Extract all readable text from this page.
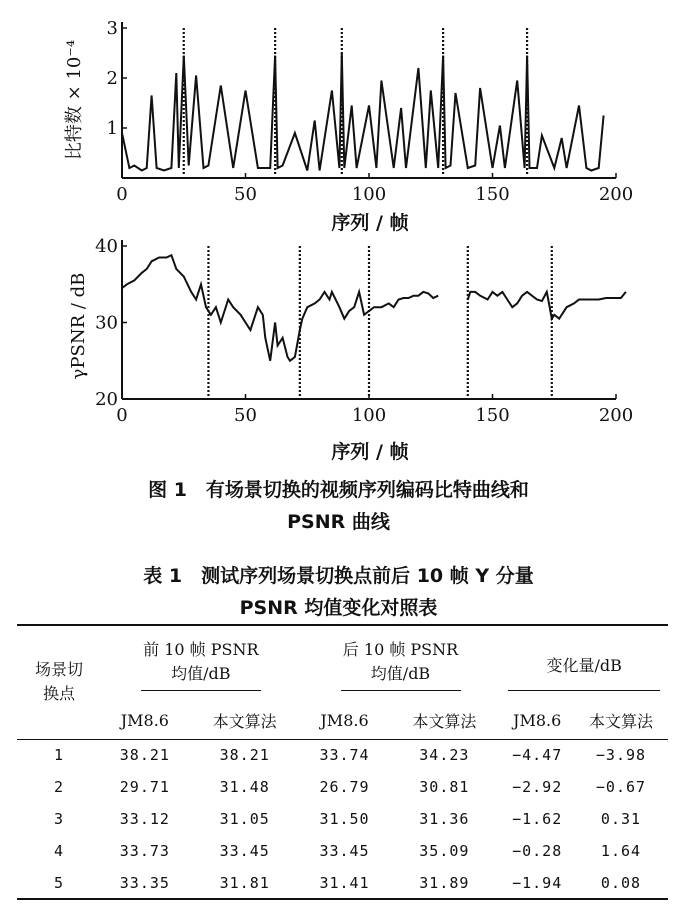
比特数 × 10⁻⁴
0	50	100	150	200
1
2
3
序列 / 帧
γPSNR / dB
0	50	100	150	200
20
30
40
序列 / 帧
图 1　有场景切换的视频序列编码比特曲线和
PSNR 曲线
表 1　测试序列场景切换点前后 10 帧 Y 分量
PSNR 均值变化对照表
场景切换点	前 10 帧 PSNR 均值/dB		后 10 帧 PSNR 均值/dB		变化量/dB	

	JM8.6	本文算法	JM8.6	本文算法	JM8.6	本文算法
1	38.21	38.21	33.74	34.23	−4.47	−3.98
2	29.71	31.48	26.79	30.81	−2.92	−0.67
3	33.12	31.05	31.50	31.36	−1.62	0.31
4	33.73	33.45	33.45	35.09	−0.28	1.64
5	33.35	31.81	31.41	31.89	−1.94	0.08
